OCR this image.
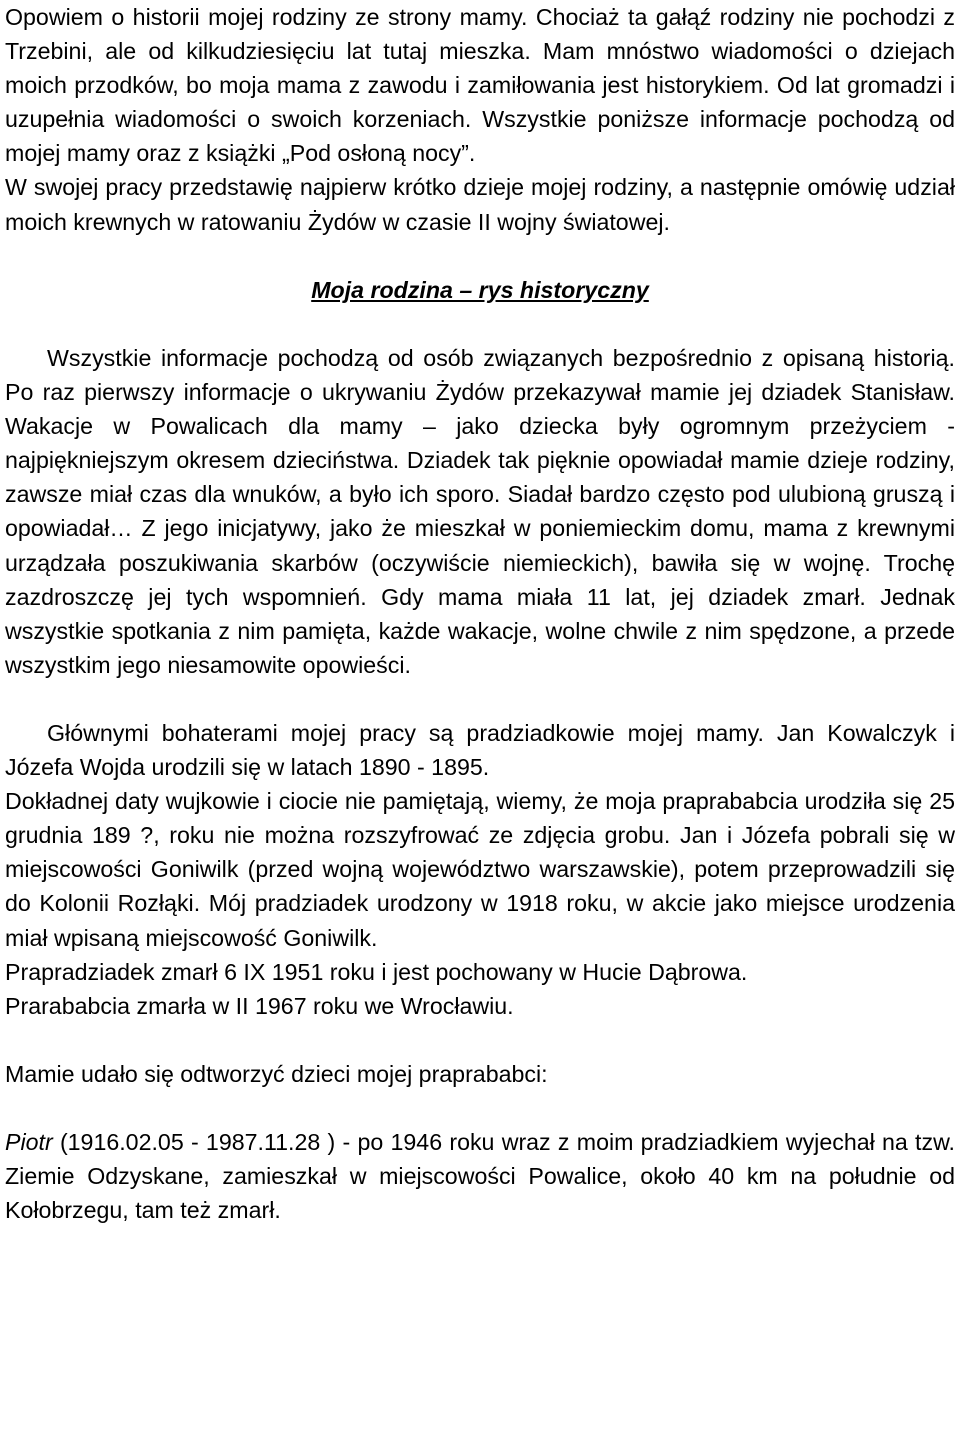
Opowiem o historii mojej rodziny ze strony mamy. Chociaż ta gałąź rodziny nie pochodzi z Trzebini, ale od kilkudziesięciu lat tutaj mieszka. Mam mnóstwo wiadomości o dziejach moich przodków, bo moja mama z zawodu i zamiłowania jest historykiem. Od lat gromadzi i uzupełnia wiadomości o swoich korzeniach. Wszystkie poniższe informacje pochodzą od mojej mamy oraz z książki „Pod osłoną nocy”.

W swojej pracy przedstawię najpierw krótko dzieje mojej rodziny, a następnie omówię udział moich krewnych w ratowaniu Żydów w czasie II wojny światowej.

Moja rodzina – rys historyczny

Wszystkie informacje pochodzą od osób związanych bezpośrednio z opisaną historią. Po raz pierwszy informacje o ukrywaniu Żydów przekazywał mamie jej dziadek Stanisław. Wakacje w Powalicach dla mamy – jako dziecka były ogromnym przeżyciem - najpiękniejszym okresem dzieciństwa. Dziadek tak pięknie opowiadał mamie dzieje rodziny, zawsze miał czas dla wnuków, a było ich sporo. Siadał bardzo często pod ulubioną gruszą i opowiadał… Z jego inicjatywy, jako że mieszkał w poniemieckim domu, mama z krewnymi urządzała poszukiwania skarbów (oczywiście niemieckich), bawiła się w wojnę. Trochę zazdroszczę jej tych wspomnień. Gdy mama miała 11 lat, jej dziadek zmarł. Jednak wszystkie spotkania z nim pamięta, każde wakacje, wolne chwile z nim spędzone, a przede wszystkim jego niesamowite opowieści.

Głównymi bohaterami mojej pracy są pradziadkowie mojej mamy. Jan Kowalczyk i Józefa Wojda urodzili się w latach 1890 - 1895.

Dokładnej daty wujkowie i ciocie nie pamiętają, wiemy, że moja praprababcia urodziła się 25 grudnia 189 ?, roku nie można rozszyfrować ze zdjęcia grobu. Jan i Józefa pobrali się w miejscowości Goniwilk (przed wojną województwo warszawskie), potem przeprowadzili się do Kolonii Rozłąki. Mój pradziadek urodzony w 1918 roku, w akcie jako miejsce urodzenia miał wpisaną miejscowość Goniwilk.

Prapradziadek zmarł 6 IX 1951 roku i jest pochowany w Hucie Dąbrowa.

Prarababcia zmarła w II 1967 roku we Wrocławiu.

Mamie udało się odtworzyć dzieci mojej praprababci:

Piotr (1916.02.05 - 1987.11.28 ) - po 1946 roku wraz z moim pradziadkiem wyjechał na tzw. Ziemie Odzyskane, zamieszkał w miejscowości Powalice, około 40 km na południe od Kołobrzegu, tam też zmarł.
